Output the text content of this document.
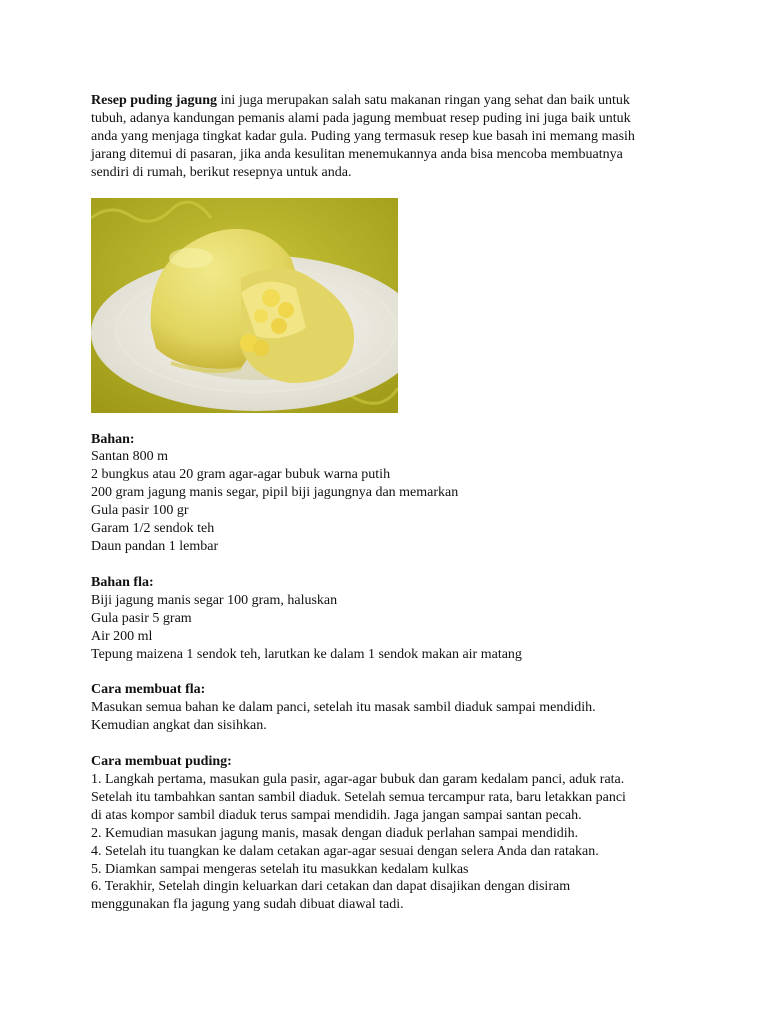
Resep puding jagung ini juga merupakan salah satu makanan ringan yang sehat dan baik untuk

tubuh, adanya kandungan pemanis alami pada jagung membuat resep puding ini juga baik untuk

anda yang menjaga tingkat kadar gula. Puding yang termasuk resep kue basah ini memang masih

jarang ditemui di pasaran, jika anda kesulitan menemukannya anda bisa mencoba membuatnya

sendiri di rumah, berikut resepnya untuk anda.

Bahan:
Santan 800 m
2 bungkus atau 20 gram agar-agar bubuk warna putih
200 gram jagung manis segar, pipil biji jagungnya dan memarkan
Gula pasir 100 gr
Garam 1/2 sendok teh
Daun pandan 1 lembar
Bahan fla:
Biji jagung manis segar 100 gram, haluskan
Gula pasir 5 gram
Air 200 ml
Tepung maizena 1 sendok teh, larutkan ke dalam 1 sendok makan air matang
Cara membuat fla:
Masukan semua bahan ke dalam panci, setelah itu masak sambil diaduk sampai mendidih.
Kemudian angkat dan sisihkan.
Cara membuat puding:
1. Langkah pertama, masukan gula pasir, agar-agar bubuk dan garam kedalam panci, aduk rata.
Setelah itu tambahkan santan sambil diaduk. Setelah semua tercampur rata, baru letakkan panci
di atas kompor sambil diaduk terus sampai mendidih. Jaga jangan sampai santan pecah.
2. Kemudian masukan jagung manis, masak dengan diaduk perlahan sampai mendidih.
4. Setelah itu tuangkan ke dalam cetakan agar-agar sesuai dengan selera Anda dan ratakan.
5. Diamkan sampai mengeras setelah itu masukkan kedalam kulkas
6. Terakhir, Setelah dingin keluarkan dari cetakan dan dapat disajikan dengan disiram
menggunakan fla jagung yang sudah dibuat diawal tadi.
